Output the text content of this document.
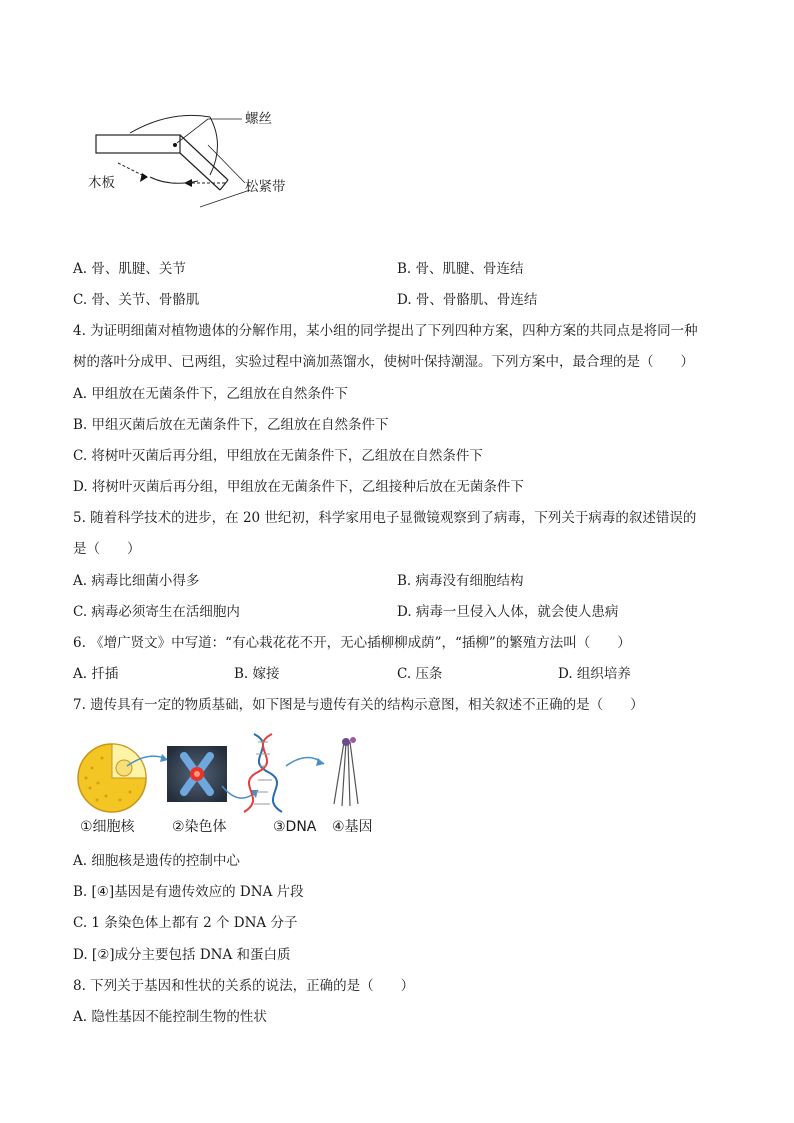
螺丝
木板	松紧带
A. 骨、肌腱、关节	B. 骨、肌腱、骨连结
C. 骨、关节、骨骼肌	D. 骨、骨骼肌、骨连结
4. 为证明细菌对植物遗体的分解作用，某小组的同学提出了下列四种方案，四种方案的共同点是将同一种
树的落叶分成甲、已两组，实验过程中滴加蒸馏水，使树叶保持潮湿。下列方案中，最合理的是（　　）
A. 甲组放在无菌条件下，乙组放在自然条件下
B. 甲组灭菌后放在无菌条件下，乙组放在自然条件下
C. 将树叶灭菌后再分组，甲组放在无菌条件下，乙组放在自然条件下
D. 将树叶灭菌后再分组，甲组放在无菌条件下，乙组接种后放在无菌条件下
5. 随着科学技术的进步，在 20 世纪初，科学家用电子显微镜观察到了病毒，下列关于病毒的叙述错误的
是（　　）
A. 病毒比细菌小得多	B. 病毒没有细胞结构
C. 病毒必须寄生在活细胞内	D. 病毒一旦侵入人体，就会使人患病
6. 《增广贤文》中写道：“有心栽花花不开，无心插柳柳成荫”，“插柳”的繁殖方法叫（　　）
A. 扦插	B. 嫁接	C. 压条	D. 组织培养
7. 遗传具有一定的物质基础，如下图是与遗传有关的结构示意图，相关叙述不正确的是（　　）
①细胞核	②染色体	③DNA ④基因
A. 细胞核是遗传的控制中心
B. [④]基因是有遗传效应的 DNA 片段
C. 1 条染色体上都有 2 个 DNA 分子
D. [②]成分主要包括 DNA 和蛋白质
8. 下列关于基因和性状的关系的说法，正确的是（　　）
A. 隐性基因不能控制生物的性状
